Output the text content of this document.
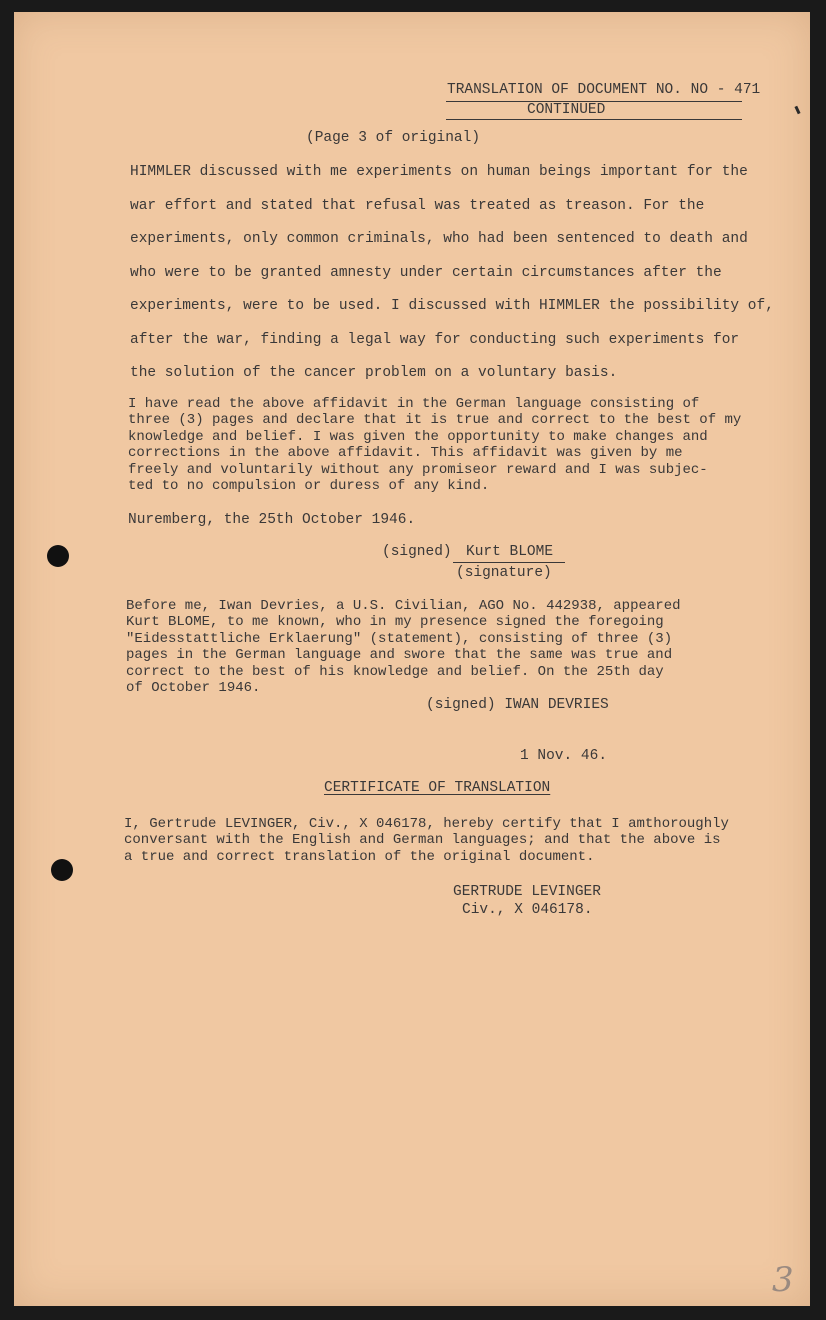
TRANSLATION OF DOCUMENT NO. NO - 471
CONTINUED
(Page 3 of original)
HIMMLER discussed with me experiments on human beings important for the
war effort and stated that refusal was treated as treason. For the
experiments, only common criminals, who had been sentenced to death and
who were to be granted amnesty under certain circumstances after the
experiments, were to be used. I discussed with HIMMLER the possibility of,
after the war, finding a legal way for conducting such experiments for
the solution of the cancer problem on a voluntary basis.
I have read the above affidavit in the German language consisting of
three (3) pages and declare that it is true and correct to the best of my
knowledge and belief. I was given the opportunity to make changes and
corrections in the above affidavit. This affidavit was given by me
freely and voluntarily without any promiseor reward and I was subjec-
ted to no compulsion or duress of any kind.
Nuremberg, the 25th October 1946.
(signed) Kurt BLOME
(signature)
Before me, Iwan Devries, a U.S. Civilian, AGO No. 442938, appeared
Kurt BLOME, to me known, who in my presence signed the foregoing
"Eidesstattliche Erklaerung" (statement), consisting of three (3)
pages in the German language and swore that the same was true and
correct to the best of his knowledge and belief. On the 25th day
of October 1946.
(signed) IWAN DEVRIES
1 Nov. 46.
CERTIFICATE OF TRANSLATION
I, Gertrude LEVINGER, Civ., X 046178, hereby certify that I amthoroughly
conversant with the English and German languages; and that the above is
a true and correct translation of the original document.
GERTRUDE LEVINGER
Civ., X 046178.
3
